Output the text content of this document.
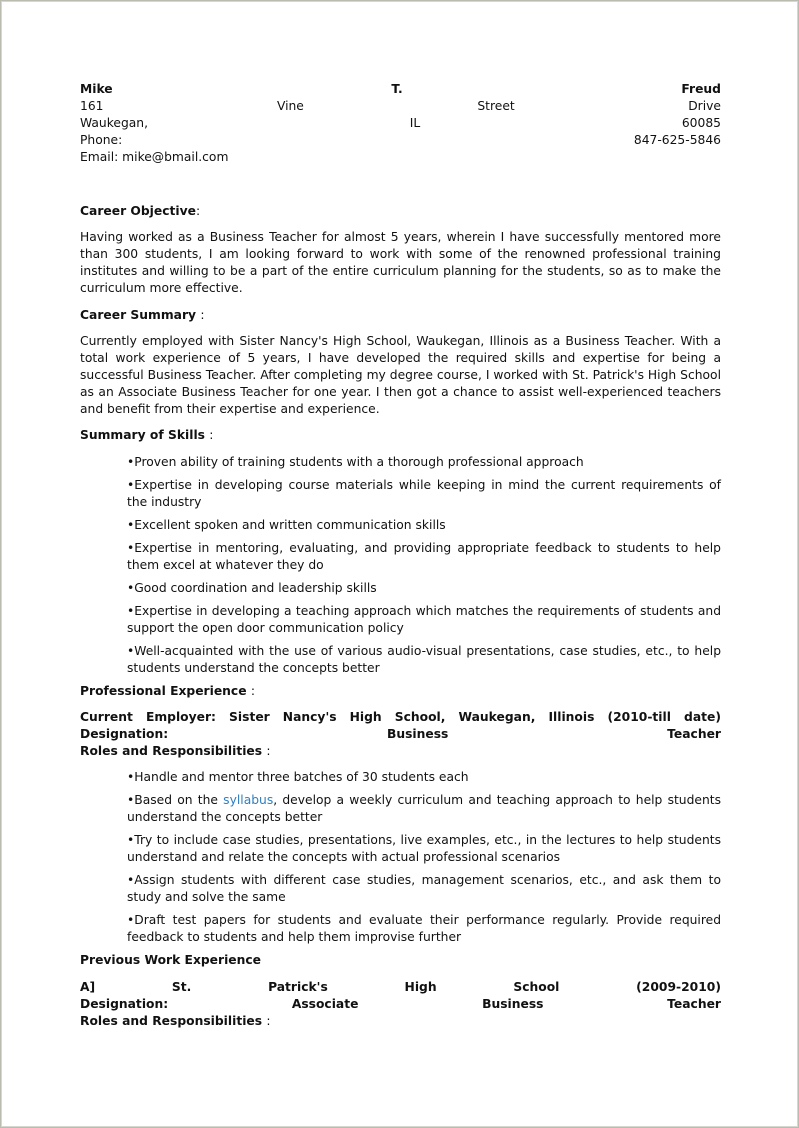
Mike	T.	Freud
161	Vine	Street	Drive
Waukegan,	IL	60085
Phone:	847-625-5846
Email: mike@bmail.com
Career Objective:

Having worked as a Business Teacher for almost 5 years, wherein I have successfully mentored more than 300 students, I am looking forward to work with some of the renowned professional training institutes and willing to be a part of the entire curriculum planning for the students, so as to make the curriculum more effective.

Career Summary :

Currently employed with Sister Nancy's High School, Waukegan, Illinois as a Business Teacher. With a total work experience of 5 years, I have developed the required skills and expertise for being a successful Business Teacher. After completing my degree course, I worked with St. Patrick's High School as an Associate Business Teacher for one year. I then got a chance to assist well-experienced teachers and benefit from their expertise and experience.

Summary of Skills :
•Proven ability of training students with a thorough professional approach
•Expertise in developing course materials while keeping in mind the current requirements of the industry
•Excellent spoken and written communication skills
•Expertise in mentoring, evaluating, and providing appropriate feedback to students to help them excel at whatever they do
•Good coordination and leadership skills
•Expertise in developing a teaching approach which matches the requirements of students and support the open door communication policy
•Well-acquainted with the use of various audio-visual presentations, case studies, etc., to help students understand the concepts better
Professional Experience :
Current Employer: Sister Nancy's High School, Waukegan, Illinois (2010-till date)
Designation:	Business	Teacher
Roles and Responsibilities :
•Handle and mentor three batches of 30 students each
•Based on the syllabus, develop a weekly curriculum and teaching approach to help students understand the concepts better
•Try to include case studies, presentations, live examples, etc., in the lectures to help students understand and relate the concepts with actual professional scenarios
•Assign students with different case studies, management scenarios, etc., and ask them to study and solve the same
•Draft test papers for students and evaluate their performance regularly. Provide required feedback to students and help them improvise further
Previous Work Experience
A]	St.	Patrick's	High	School	(2009-2010)
Designation:	Associate	Business	Teacher
Roles and Responsibilities :
